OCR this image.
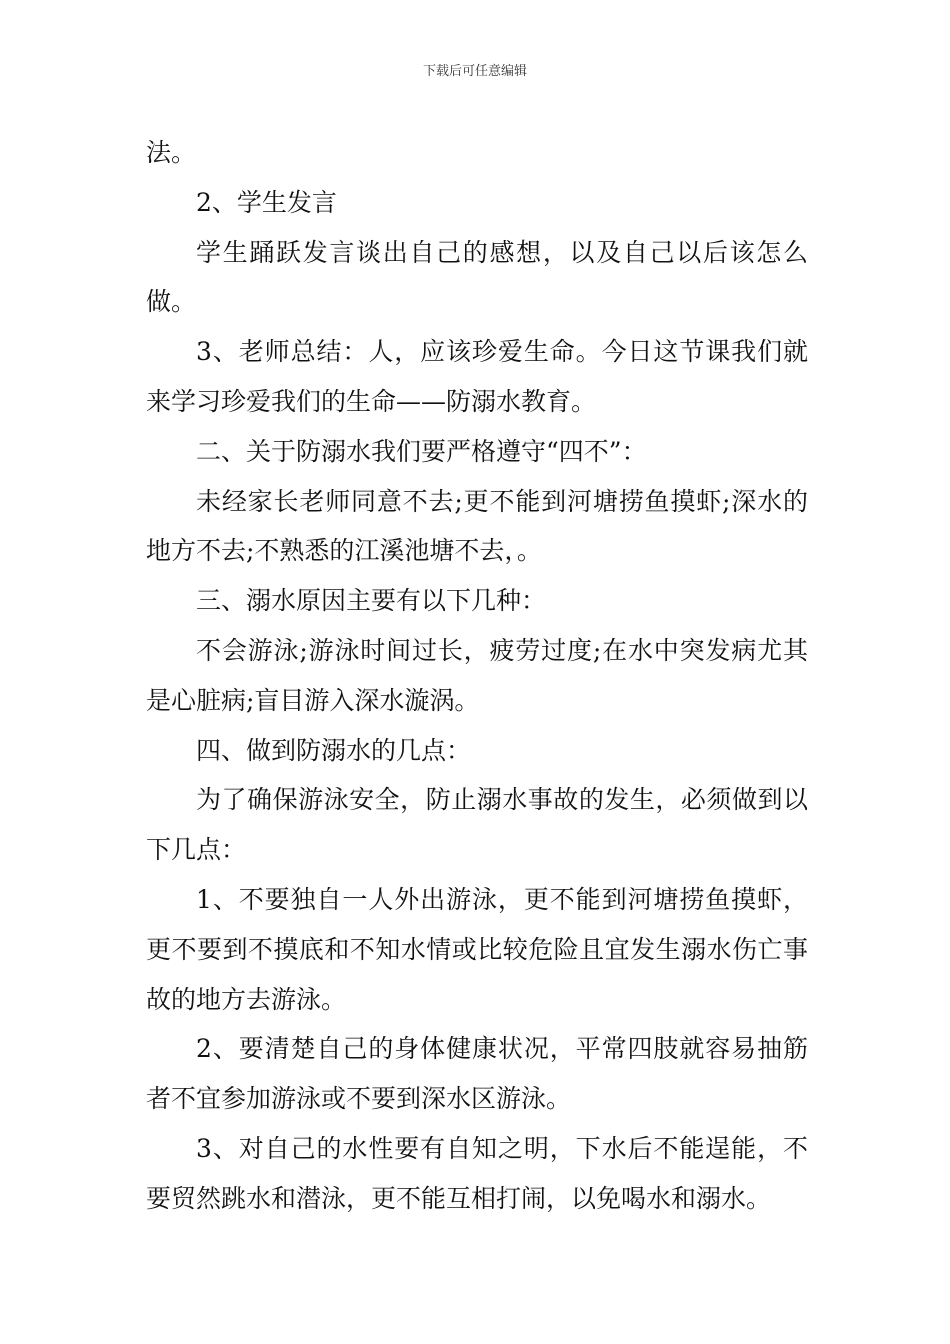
下载后可任意编辑

法。

2、学生发言

学生踊跃发言谈出自己的感想，以及自己以后该怎么做。

3、老师总结：人，应该珍爱生命。今日这节课我们就来学习珍爱我们的生命——防溺水教育。

二、关于防溺水我们要严格遵守“四不”：

未经家长老师同意不去;更不能到河塘捞鱼摸虾;深水的地方不去;不熟悉的江溪池塘不去，。

三、溺水原因主要有以下几种：

不会游泳;游泳时间过长，疲劳过度;在水中突发病尤其是心脏病;盲目游入深水漩涡。

四、做到防溺水的几点：

为了确保游泳安全，防止溺水事故的发生，必须做到以下几点：

1、不要独自一人外出游泳，更不能到河塘捞鱼摸虾，更不要到不摸底和不知水情或比较危险且宜发生溺水伤亡事故的地方去游泳。

2、要清楚自己的身体健康状况，平常四肢就容易抽筋者不宜参加游泳或不要到深水区游泳。

3、对自己的水性要有自知之明，下水后不能逞能，不要贸然跳水和潜泳，更不能互相打闹，以免喝水和溺水。
